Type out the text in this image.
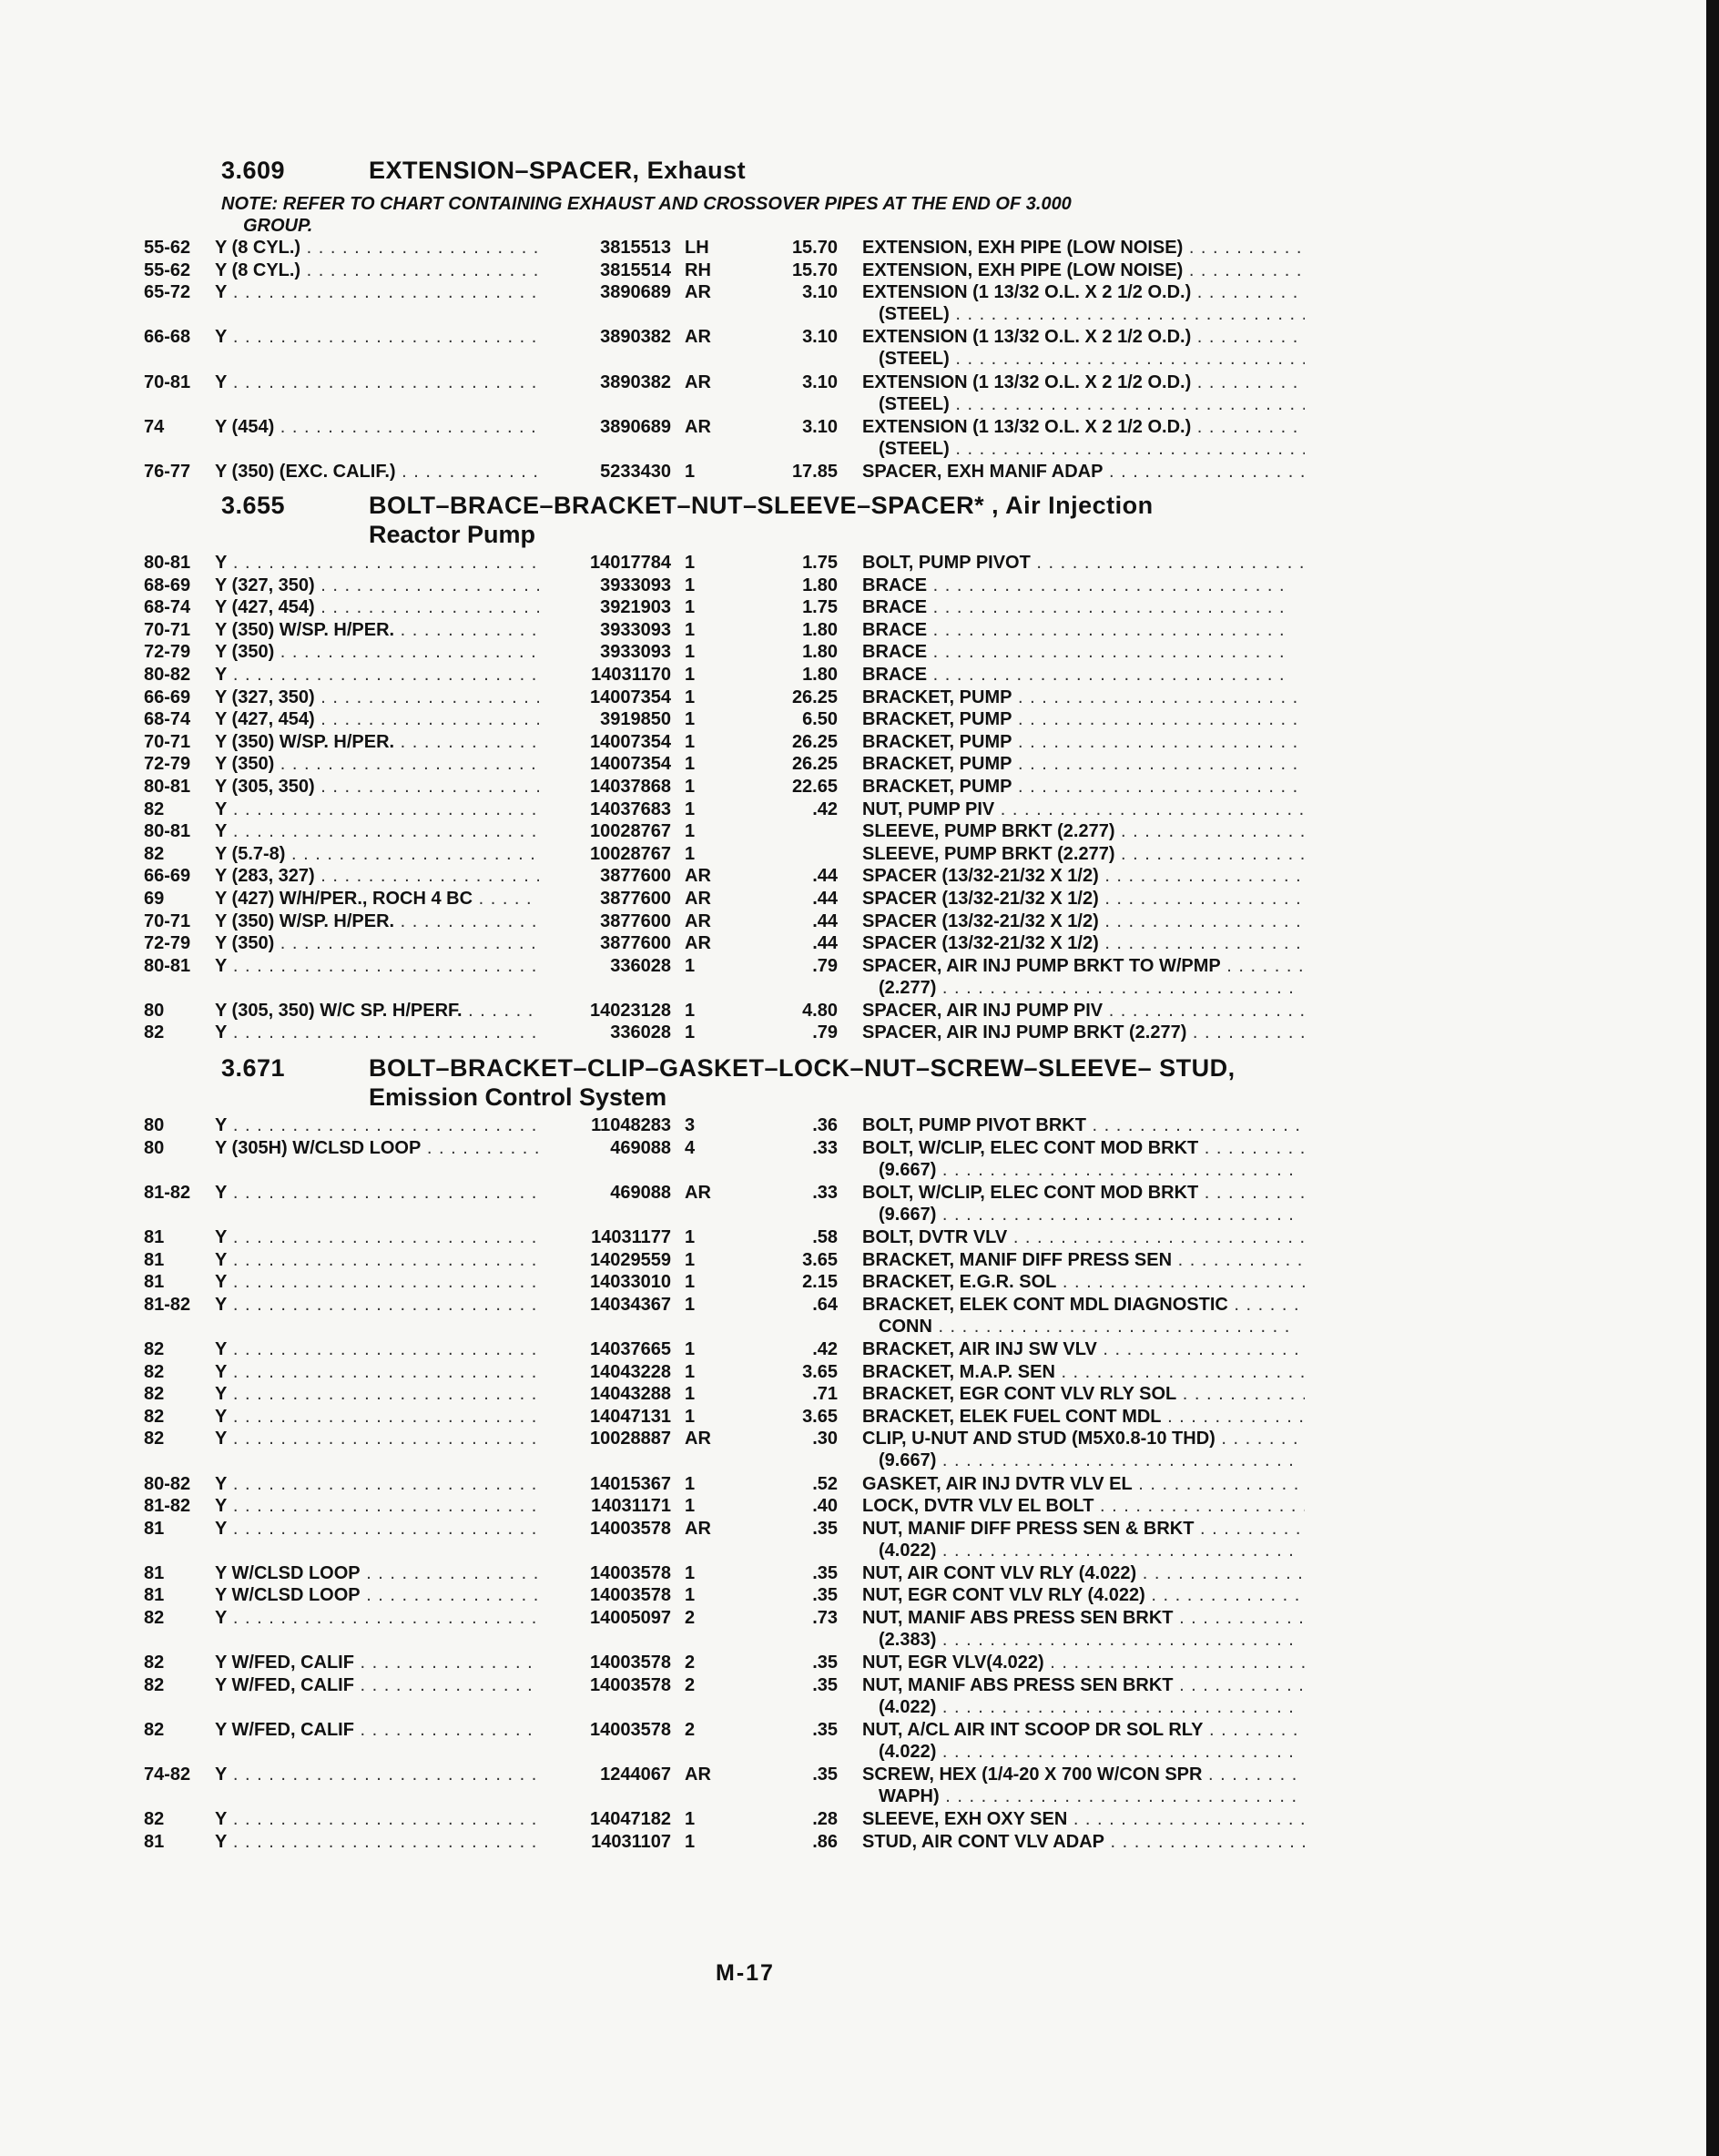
3.609	EXTENSION–SPACER, Exhaust
NOTE: REFER TO CHART CONTAINING EXHAUST AND CROSSOVER PIPES AT THE END OF 3.000
GROUP.
55-62 Y (8 CYL.) . . .	3815513 LH	15.70 EXTENSION, EXH PIPE (LOW NOISE) . . .
55-62 Y (8 CYL.) . . .	3815514 RH	15.70 EXTENSION, EXH PIPE (LOW NOISE) . . .
65-72 Y . . .	3890689 AR	3.10 EXTENSION (1 13/32 O.L. X 2 1/2 O.D.) . . .
(STEEL) . . .
66-68 Y . . .	3890382 AR	3.10 EXTENSION (1 13/32 O.L. X 2 1/2 O.D.) . . .
(STEEL) . . .
70-81 Y . . .	3890382 AR	3.10 EXTENSION (1 13/32 O.L. X 2 1/2 O.D.) . . .
(STEEL) . . .
74	Y (454) . . .	3890689 AR	3.10 EXTENSION (1 13/32 O.L. X 2 1/2 O.D.) . . .
(STEEL) . . .
76-77 Y (350) (EXC. CALIF.) . . .	5233430 1	17.85 SPACER, EXH MANIF ADAP . . .
3.655	BOLT–BRACE–BRACKET–NUT–SLEEVE–SPACER* , Air Injection
Reactor Pump
80-81 Y . . .	14017784 1	1.75 BOLT, PUMP PIVOT . . .
68-69 Y (327, 350) . . .	3933093 1	1.80 BRACE . . .
68-74 Y (427, 454) . . .	3921903 1	1.75 BRACE . . .
70-71 Y (350) W/SP. H/PER. . . .	3933093 1	1.80 BRACE . . .
72-79 Y (350) . . .	3933093 1	1.80 BRACE . . .
80-82 Y . . .	14031170 1	1.80 BRACE . . .
66-69 Y (327, 350) . . .	14007354 1	26.25 BRACKET, PUMP . . .
68-74 Y (427, 454) . . .	3919850 1	6.50 BRACKET, PUMP . . .
70-71 Y (350) W/SP. H/PER. . . .	14007354 1	26.25 BRACKET, PUMP . . .
72-79 Y (350) . . .	14007354 1	26.25 BRACKET, PUMP . . .
80-81 Y (305, 350) . . .	14037868 1	22.65 BRACKET, PUMP . . .
82	Y . . .	14037683 1	.42 NUT, PUMP PIV . . .
80-81 Y . . .	10028767 1	SLEEVE, PUMP BRKT (2.277) . . .
82	Y (5.7-8) . . .	10028767 1	SLEEVE, PUMP BRKT (2.277) . . .
66-69 Y (283, 327) . . .	3877600 AR	.44 SPACER (13/32-21/32 X 1/2) . . .
69	Y (427) W/H/PER., ROCH 4 BC . . .	3877600 AR	.44 SPACER (13/32-21/32 X 1/2) . . .
70-71 Y (350) W/SP. H/PER. . . .	3877600 AR	.44 SPACER (13/32-21/32 X 1/2) . . .
72-79 Y (350) . . .	3877600 AR	.44 SPACER (13/32-21/32 X 1/2) . . .
80-81 Y . . .	336028 1	.79 SPACER, AIR INJ PUMP BRKT TO W/PMP . . .
(2.277) . . .
80	Y (305, 350) W/C SP. H/PERF. . . .	14023128 1	4.80 SPACER, AIR INJ PUMP PIV . . .
82	Y . . .	336028 1	.79 SPACER, AIR INJ PUMP BRKT (2.277) . . .
3.671	BOLT–BRACKET–CLIP–GASKET–LOCK–NUT–SCREW–SLEEVE– STUD,
Emission Control System
80	Y . . .	11048283 3	.36 BOLT, PUMP PIVOT BRKT . . .
80	Y (305H) W/CLSD LOOP . . .	469088 4	.33 BOLT, W/CLIP, ELEC CONT MOD BRKT . . .
(9.667) . . .
81-82 Y . . .	469088 AR	.33 BOLT, W/CLIP, ELEC CONT MOD BRKT . . .
(9.667) . . .
81	Y . . .	14031177 1	.58 BOLT, DVTR VLV . . .
81	Y . . .	14029559 1	3.65 BRACKET, MANIF DIFF PRESS SEN . . .
81	Y . . .	14033010 1	2.15 BRACKET, E.G.R. SOL . . .
81-82 Y . . .	14034367 1	.64 BRACKET, ELEK CONT MDL DIAGNOSTIC . . .
CONN . . .
82	Y . . .	14037665 1	.42 BRACKET, AIR INJ SW VLV . . .
82	Y . . .	14043228 1	3.65 BRACKET, M.A.P. SEN . . .
82	Y . . .	14043288 1	.71 BRACKET, EGR CONT VLV RLY SOL . . .
82	Y . . .	14047131 1	3.65 BRACKET, ELEK FUEL CONT MDL . . .
82	Y . . .	10028887 AR	.30 CLIP, U-NUT AND STUD (M5X0.8-10 THD) . . .
(9.667) . . .
80-82 Y . . .	14015367 1	.52 GASKET, AIR INJ DVTR VLV EL . . .
81-82 Y . . .	14031171 1	.40 LOCK, DVTR VLV EL BOLT . . .
81	Y . . .	14003578 AR	.35 NUT, MANIF DIFF PRESS SEN & BRKT . . .
(4.022) . . .
81	Y W/CLSD LOOP . . .	14003578 1	.35 NUT, AIR CONT VLV RLY (4.022) . . .
81	Y W/CLSD LOOP . . .	14003578 1	.35 NUT, EGR CONT VLV RLY (4.022) . . .
82	Y . . .	14005097 2	.73 NUT, MANIF ABS PRESS SEN BRKT . . .
(2.383) . . .
82	Y W/FED, CALIF . . .	14003578 2	.35 NUT, EGR VLV(4.022) . . .
82	Y W/FED, CALIF . . .	14003578 2	.35 NUT, MANIF ABS PRESS SEN BRKT . . .
(4.022) . . .
82	Y W/FED, CALIF . . .	14003578 2	.35 NUT, A/CL AIR INT SCOOP DR SOL RLY . . .
(4.022) . . .
74-82 Y . . .	1244067 AR	.35 SCREW, HEX (1/4-20 X 700 W/CON SPR . . .
WAPH) . . .
82	Y . . .	14047182 1	.28 SLEEVE, EXH OXY SEN . . .
81	Y . . .	14031107 1	.86 STUD, AIR CONT VLV ADAP . . .
M-17
